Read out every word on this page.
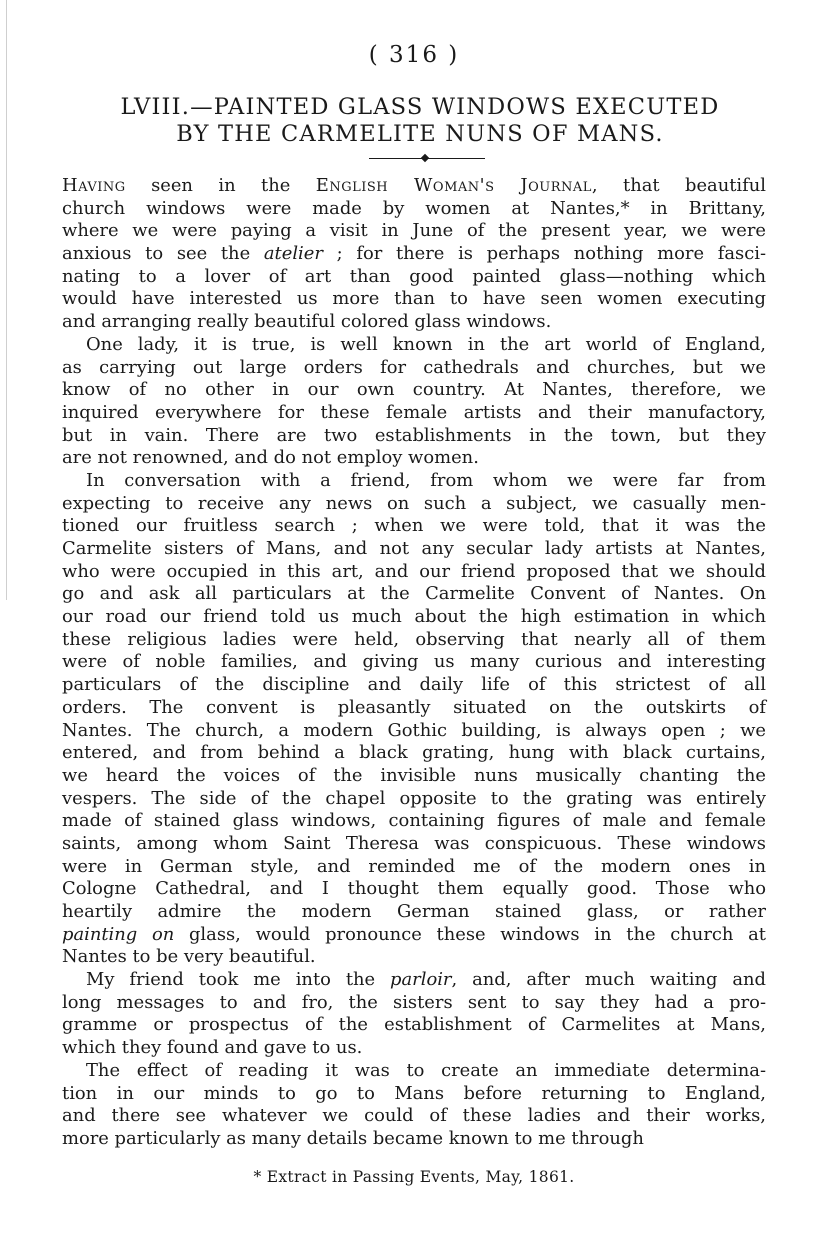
( 316 )
LVIII.—PAINTED GLASS WINDOWS EXECUTED
BY THE CARMELITE NUNS OF MANS.
Having seen in the English Woman's Journal, that beautiful
church windows were made by women at Nantes,* in Brittany,
where we were paying a visit in June of the present year, we were
anxious to see the atelier ; for there is perhaps nothing more fasci-
nating to a lover of art than good painted glass—nothing which
would have interested us more than to have seen women executing
and arranging really beautiful colored glass windows.
One lady, it is true, is well known in the art world of England,
as carrying out large orders for cathedrals and churches, but we
know of no other in our own country. At Nantes, therefore, we
inquired everywhere for these female artists and their manufactory,
but in vain. There are two establishments in the town, but they
are not renowned, and do not employ women.
In conversation with a friend, from whom we were far from
expecting to receive any news on such a subject, we casually men-
tioned our fruitless search ; when we were told, that it was the
Carmelite sisters of Mans, and not any secular lady artists at Nantes,
who were occupied in this art, and our friend proposed that we should
go and ask all particulars at the Carmelite Convent of Nantes. On
our road our friend told us much about the high estimation in which
these religious ladies were held, observing that nearly all of them
were of noble families, and giving us many curious and interesting
particulars of the discipline and daily life of this strictest of all
orders. The convent is pleasantly situated on the outskirts of
Nantes. The church, a modern Gothic building, is always open ; we
entered, and from behind a black grating, hung with black curtains,
we heard the voices of the invisible nuns musically chanting the
vespers. The side of the chapel opposite to the grating was entirely
made of stained glass windows, containing figures of male and female
saints, among whom Saint Theresa was conspicuous. These windows
were in German style, and reminded me of the modern ones in
Cologne Cathedral, and I thought them equally good. Those who
heartily admire the modern German stained glass, or rather
painting on glass, would pronounce these windows in the church at
Nantes to be very beautiful.
My friend took me into the parloir, and, after much waiting and
long messages to and fro, the sisters sent to say they had a pro-
gramme or prospectus of the establishment of Carmelites at Mans,
which they found and gave to us.
The effect of reading it was to create an immediate determina-
tion in our minds to go to Mans before returning to England,
and there see whatever we could of these ladies and their works,
more particularly as many details became known to me through
* Extract in Passing Events, May, 1861.
